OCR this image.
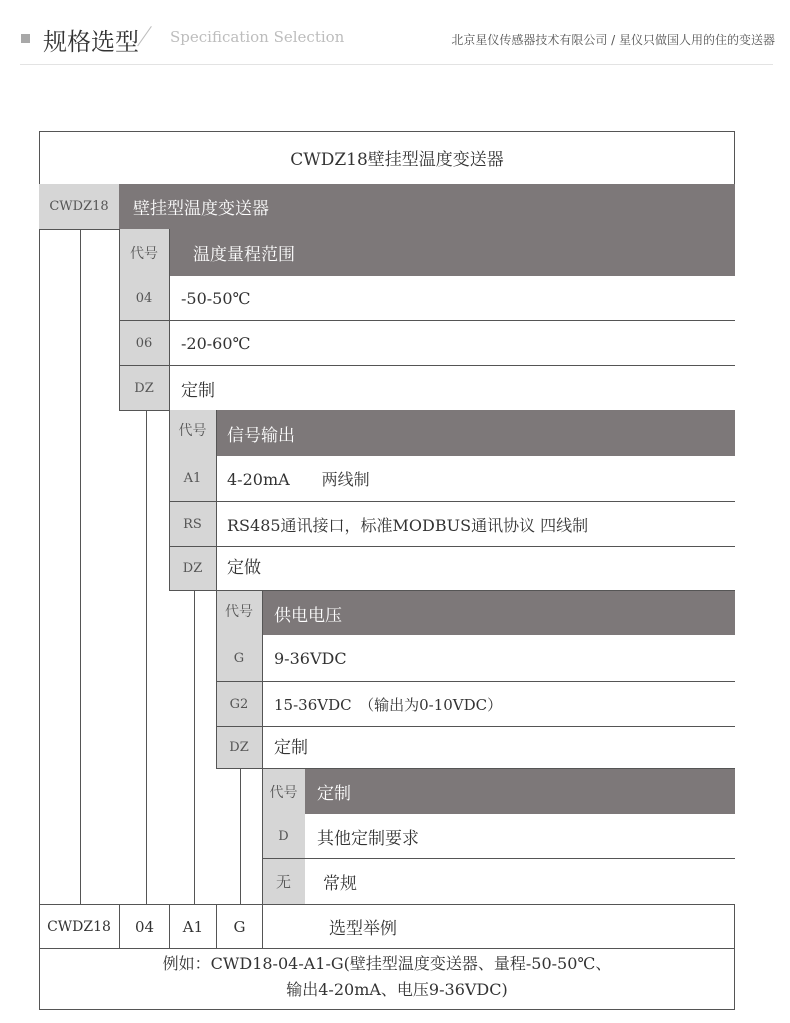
规格选型 Specification Selection	北京星仪传感器技术有限公司 / 星仪只做国人用的住的变送器
CWDZ18壁挂型温度变送器
CWDZ18	壁挂型温度变送器
代号	温度量程范围
04	-50-50℃
06	-20-60℃
DZ	定制
代号	信号输出
A1	4-20mA　　两线制
RS	RS485通讯接口，标准MODBUS通讯协议 四线制
DZ	定做
代号	供电电压
G	9-36VDC
G2	15-36VDC　（输出为0-10VDC）
DZ	定制
代号	定制
D	其他定制要求
无	常规
CWDZ18	04	A1	G	选型举例
例如：CWD18-04-A1-G(壁挂型温度变送器、量程-50-50℃、
输出4-20mA、电压9-36VDC)
